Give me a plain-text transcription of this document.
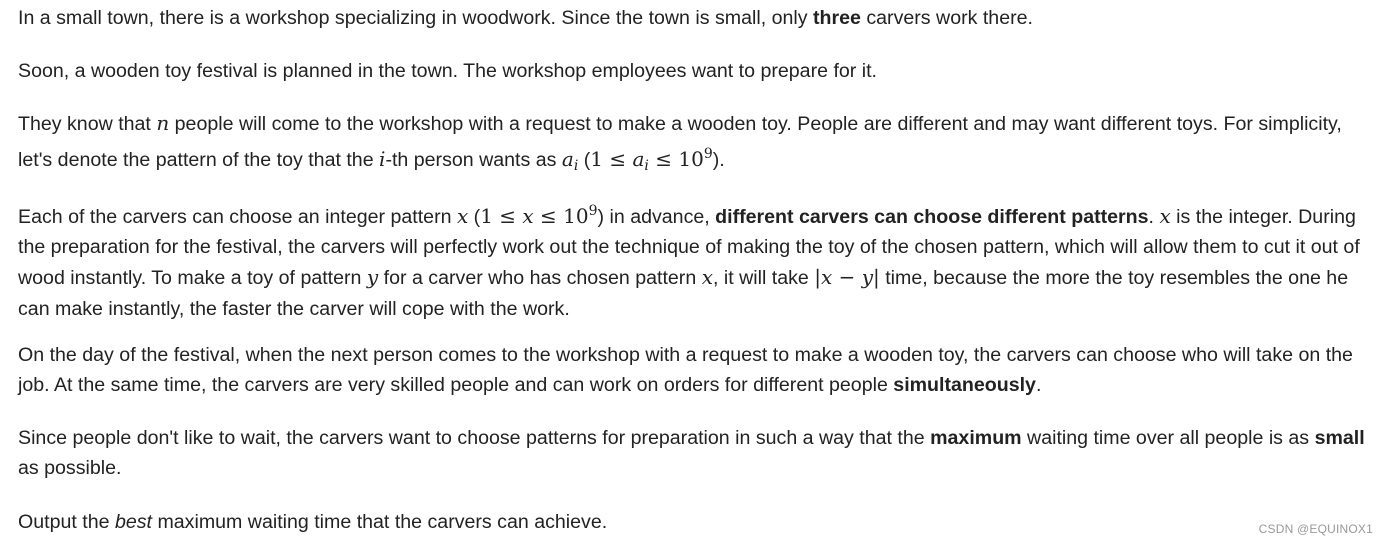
In a small town, there is a workshop specializing in woodwork. Since the town is small, only three carvers work there.

Soon, a wooden toy festival is planned in the town. The workshop employees want to prepare for it.

They know that n people will come to the workshop with a request to make a wooden toy. People are different and may want different toys. For simplicity, let's denote the pattern of the toy that the i-th person wants as $a_i$ $(1 \le a_i \le 10^9)$.

Each of the carvers can choose an integer pattern x $(1 \le x \le 10^9)$ in advance, different carvers can choose different patterns. x is the integer. During the preparation for the festival, the carvers will perfectly work out the technique of making the toy of the chosen pattern, which will allow them to cut it out of wood instantly. To make a toy of pattern y for a carver who has chosen pattern x, it will take |x − y| time, because the more the toy resembles the one he can make instantly, the faster the carver will cope with the work.

On the day of the festival, when the next person comes to the workshop with a request to make a wooden toy, the carvers can choose who will take on the job. At the same time, the carvers are very skilled people and can work on orders for different people simultaneously.

Since people don't like to wait, the carvers want to choose patterns for preparation in such a way that the maximum waiting time over all people is as small as possible.

Output the best maximum waiting time that the carvers can achieve.	CSDN @EQUINOX1
